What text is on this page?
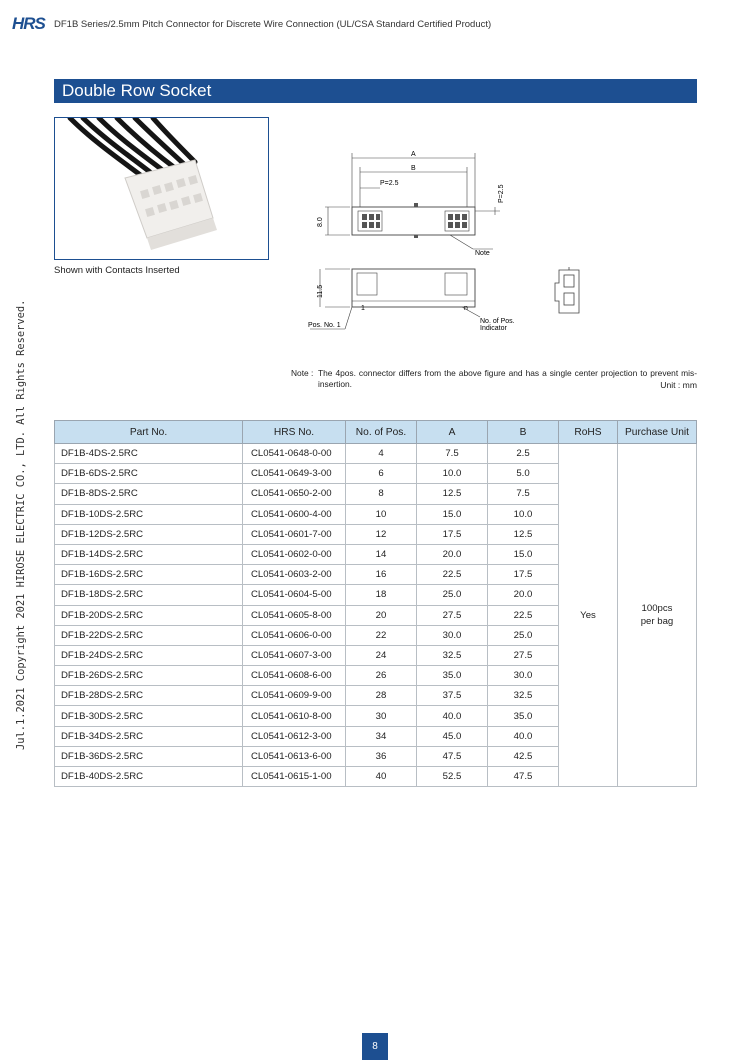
HRS DF1B Series/2.5mm Pitch Connector for Discrete Wire Connection (UL/CSA Standard Certified Product)
Double Row Socket
Shown with Contacts Inserted
Jul.1.2021 Copyright 2021 HIROSE ELECTRIC CO., LTD. All Rights Reserved.
A
B
P=2.5
P=2.5
8.0
Note
11.5
1	n
Pos. No. 1
No. of Pos.
Indicator
Note : The 4pos. connector differs from the above figure and has a single center projection to prevent mis-insertion.	Unit : mm
Part No.	HRS No.	No. of Pos.	A	B	RoHS	Purchase Unit
DF1B-4DS-2.5RC	CL0541-0648-0-00	4	7.5	2.5	Yes	100pcs
per bag

DF1B-6DS-2.5RC	CL0541-0649-3-00	6	10.0	5.0		
DF1B-8DS-2.5RC	CL0541-0650-2-00	8	12.5	7.5		
DF1B-10DS-2.5RC	CL0541-0600-4-00	10	15.0	10.0		
DF1B-12DS-2.5RC	CL0541-0601-7-00	12	17.5	12.5		
DF1B-14DS-2.5RC	CL0541-0602-0-00	14	20.0	15.0		
DF1B-16DS-2.5RC	CL0541-0603-2-00	16	22.5	17.5		
DF1B-18DS-2.5RC	CL0541-0604-5-00	18	25.0	20.0		
DF1B-20DS-2.5RC	CL0541-0605-8-00	20	27.5	22.5		
DF1B-22DS-2.5RC	CL0541-0606-0-00	22	30.0	25.0		
DF1B-24DS-2.5RC	CL0541-0607-3-00	24	32.5	27.5		
DF1B-26DS-2.5RC	CL0541-0608-6-00	26	35.0	30.0		
DF1B-28DS-2.5RC	CL0541-0609-9-00	28	37.5	32.5		
DF1B-30DS-2.5RC	CL0541-0610-8-00	30	40.0	35.0		
DF1B-34DS-2.5RC	CL0541-0612-3-00	34	45.0	40.0		
DF1B-36DS-2.5RC	CL0541-0613-6-00	36	47.5	42.5		
DF1B-40DS-2.5RC	CL0541-0615-1-00	40	52.5	47.5		
8
